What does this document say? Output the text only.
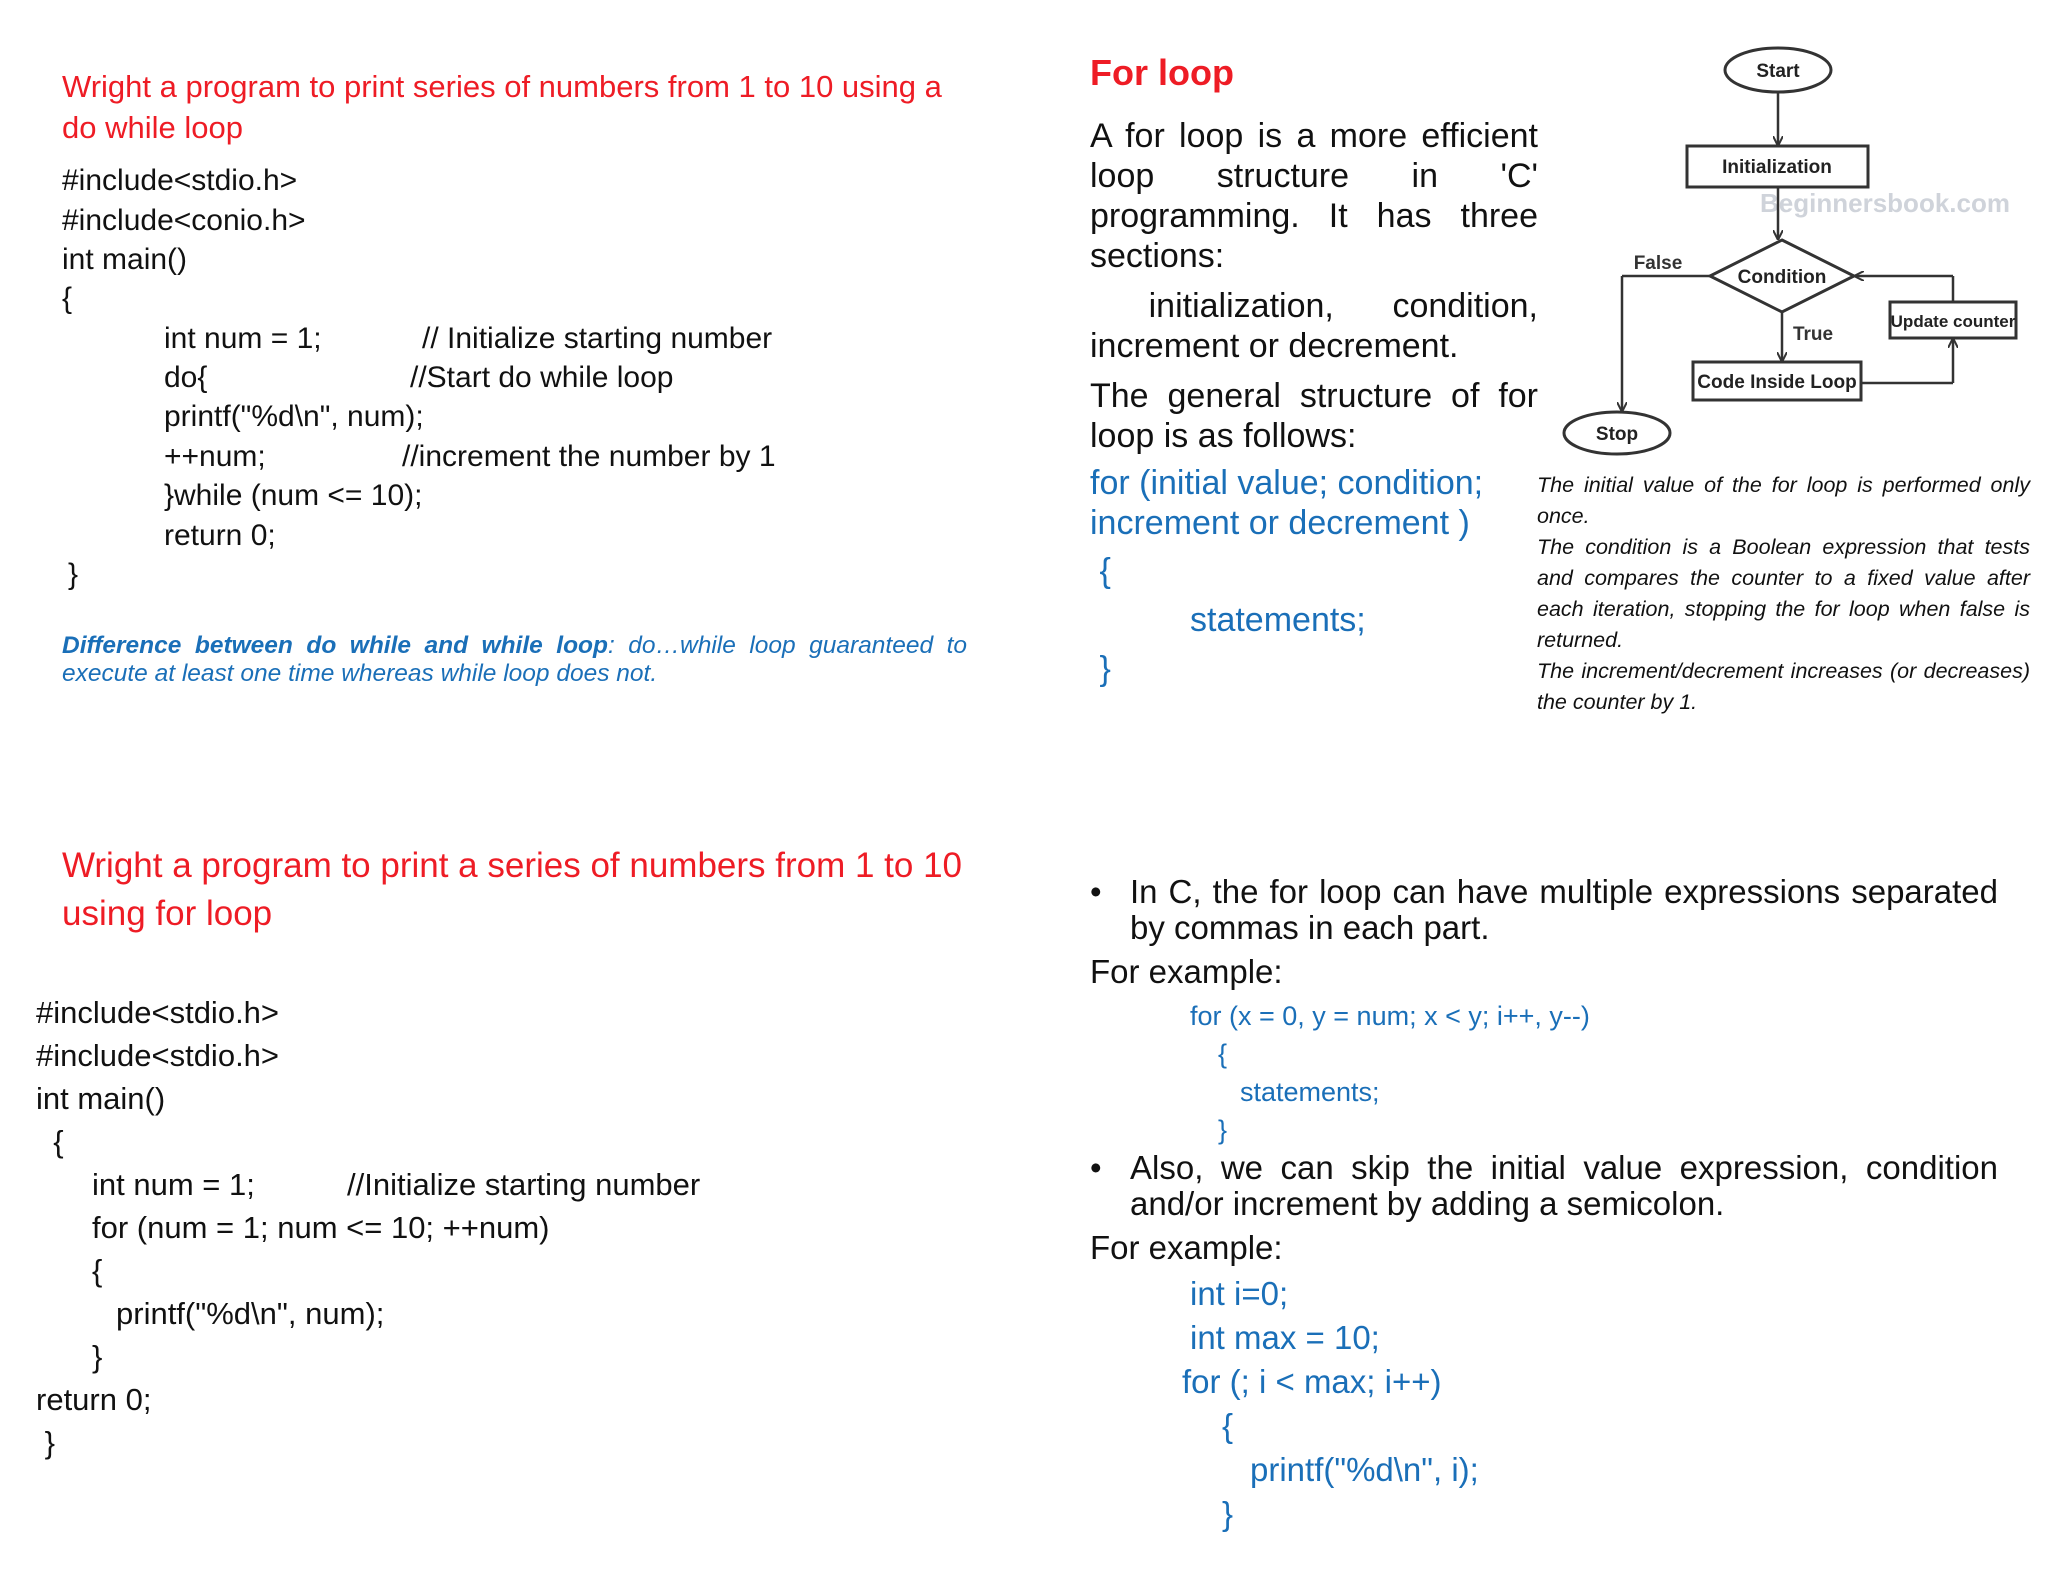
Wright a program to print series of numbers from 1 to 10 using a do while loop
#include<stdio.h>
#include<conio.h>
int main()
{
int num = 1;	// Initialize starting number
do{	//Start do while loop
printf("%d\n", num);
++num;	//increment the number by 1
}while (num <= 10);
return 0;
}
Difference between do while and while loop: do…while loop guaranteed to execute at least one time whereas while loop does not.
For loop

A for loop is a more efficient loop structure in 'C' programming. It has three sections:

initialization, condition, increment or decrement.

The general structure of for loop is as follows:

for (initial value; condition;
increment or decrement )
{
statements;
}

The initial value of the for loop is performed only once.

The condition is a Boolean expression that tests and compares the counter to a fixed value after each iteration, stopping the for loop when false is returned.

The increment/decrement increases (or decreases) the counter by 1.

Beginnersbook.com
Start
Initialization
Condition
False
Stop
True
Code Inside Loop
Update counter
Wright a program to print a series of numbers from 1 to 10 using for loop
#include<stdio.h>
#include<stdio.h>
int main()
{
int num = 1;	//Initialize starting number
for (num = 1; num <= 10; ++num)
{
printf("%d\n", num);
}
return 0;
}
• In C, the for loop can have multiple expressions separated by commas in each part.
For example:
for (x = 0, y = num; x < y; i++, y--)
{
statements;
}
• Also, we can skip the initial value expression, condition and/or increment by adding a semicolon.
For example:
int i=0;
int max = 10;
for (; i < max; i++)
{
printf("%d\n", i);
}
